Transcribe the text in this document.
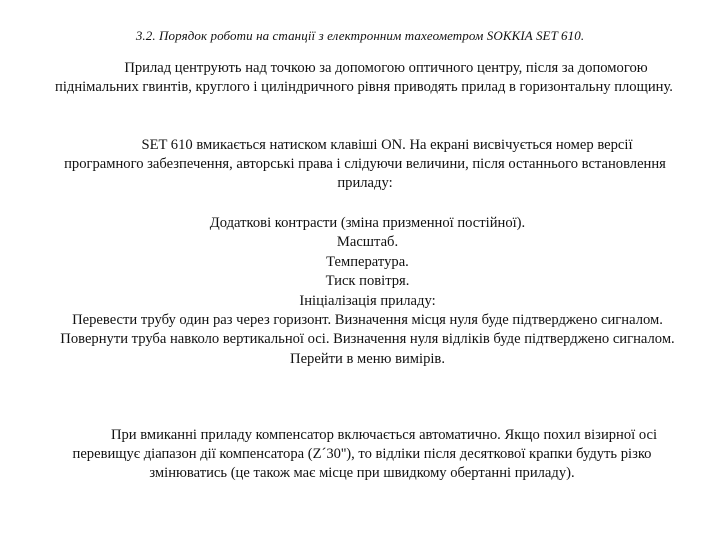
3.2. Порядок роботи на станції з електронним тахеометром SOKKIA SET 610.
Прилад центрують над точкою за допомогою оптичного центру, після за допомогою піднімальних гвинтів, круглого і циліндричного рівня приводять прилад в горизонтальну площину.
SET 610 вмикається натиском клавіші ON. На екрані висвічується номер версії програмного забезпечення, авторські права і слідуючи величини, після останнього встановлення приладу:
Додаткові контрасти (зміна призменної постійної).
Масштаб.
Температура.
Тиск повітря.
Ініціалізація приладу:
Перевести трубу один раз через горизонт. Визначення місця нуля буде підтверджено сигналом.
Повернути труба навколо вертикальної осі. Визначення нуля відліків буде підтверджено сигналом.
Перейти в меню вимірів.
При вмиканні приладу компенсатор включається автоматично. Якщо похил візирної осі перевищує діапазон дії компенсатора (Z´30''), то відліки після десяткової крапки будуть різко змінюватись (це також має місце при швидкому обертанні приладу).
